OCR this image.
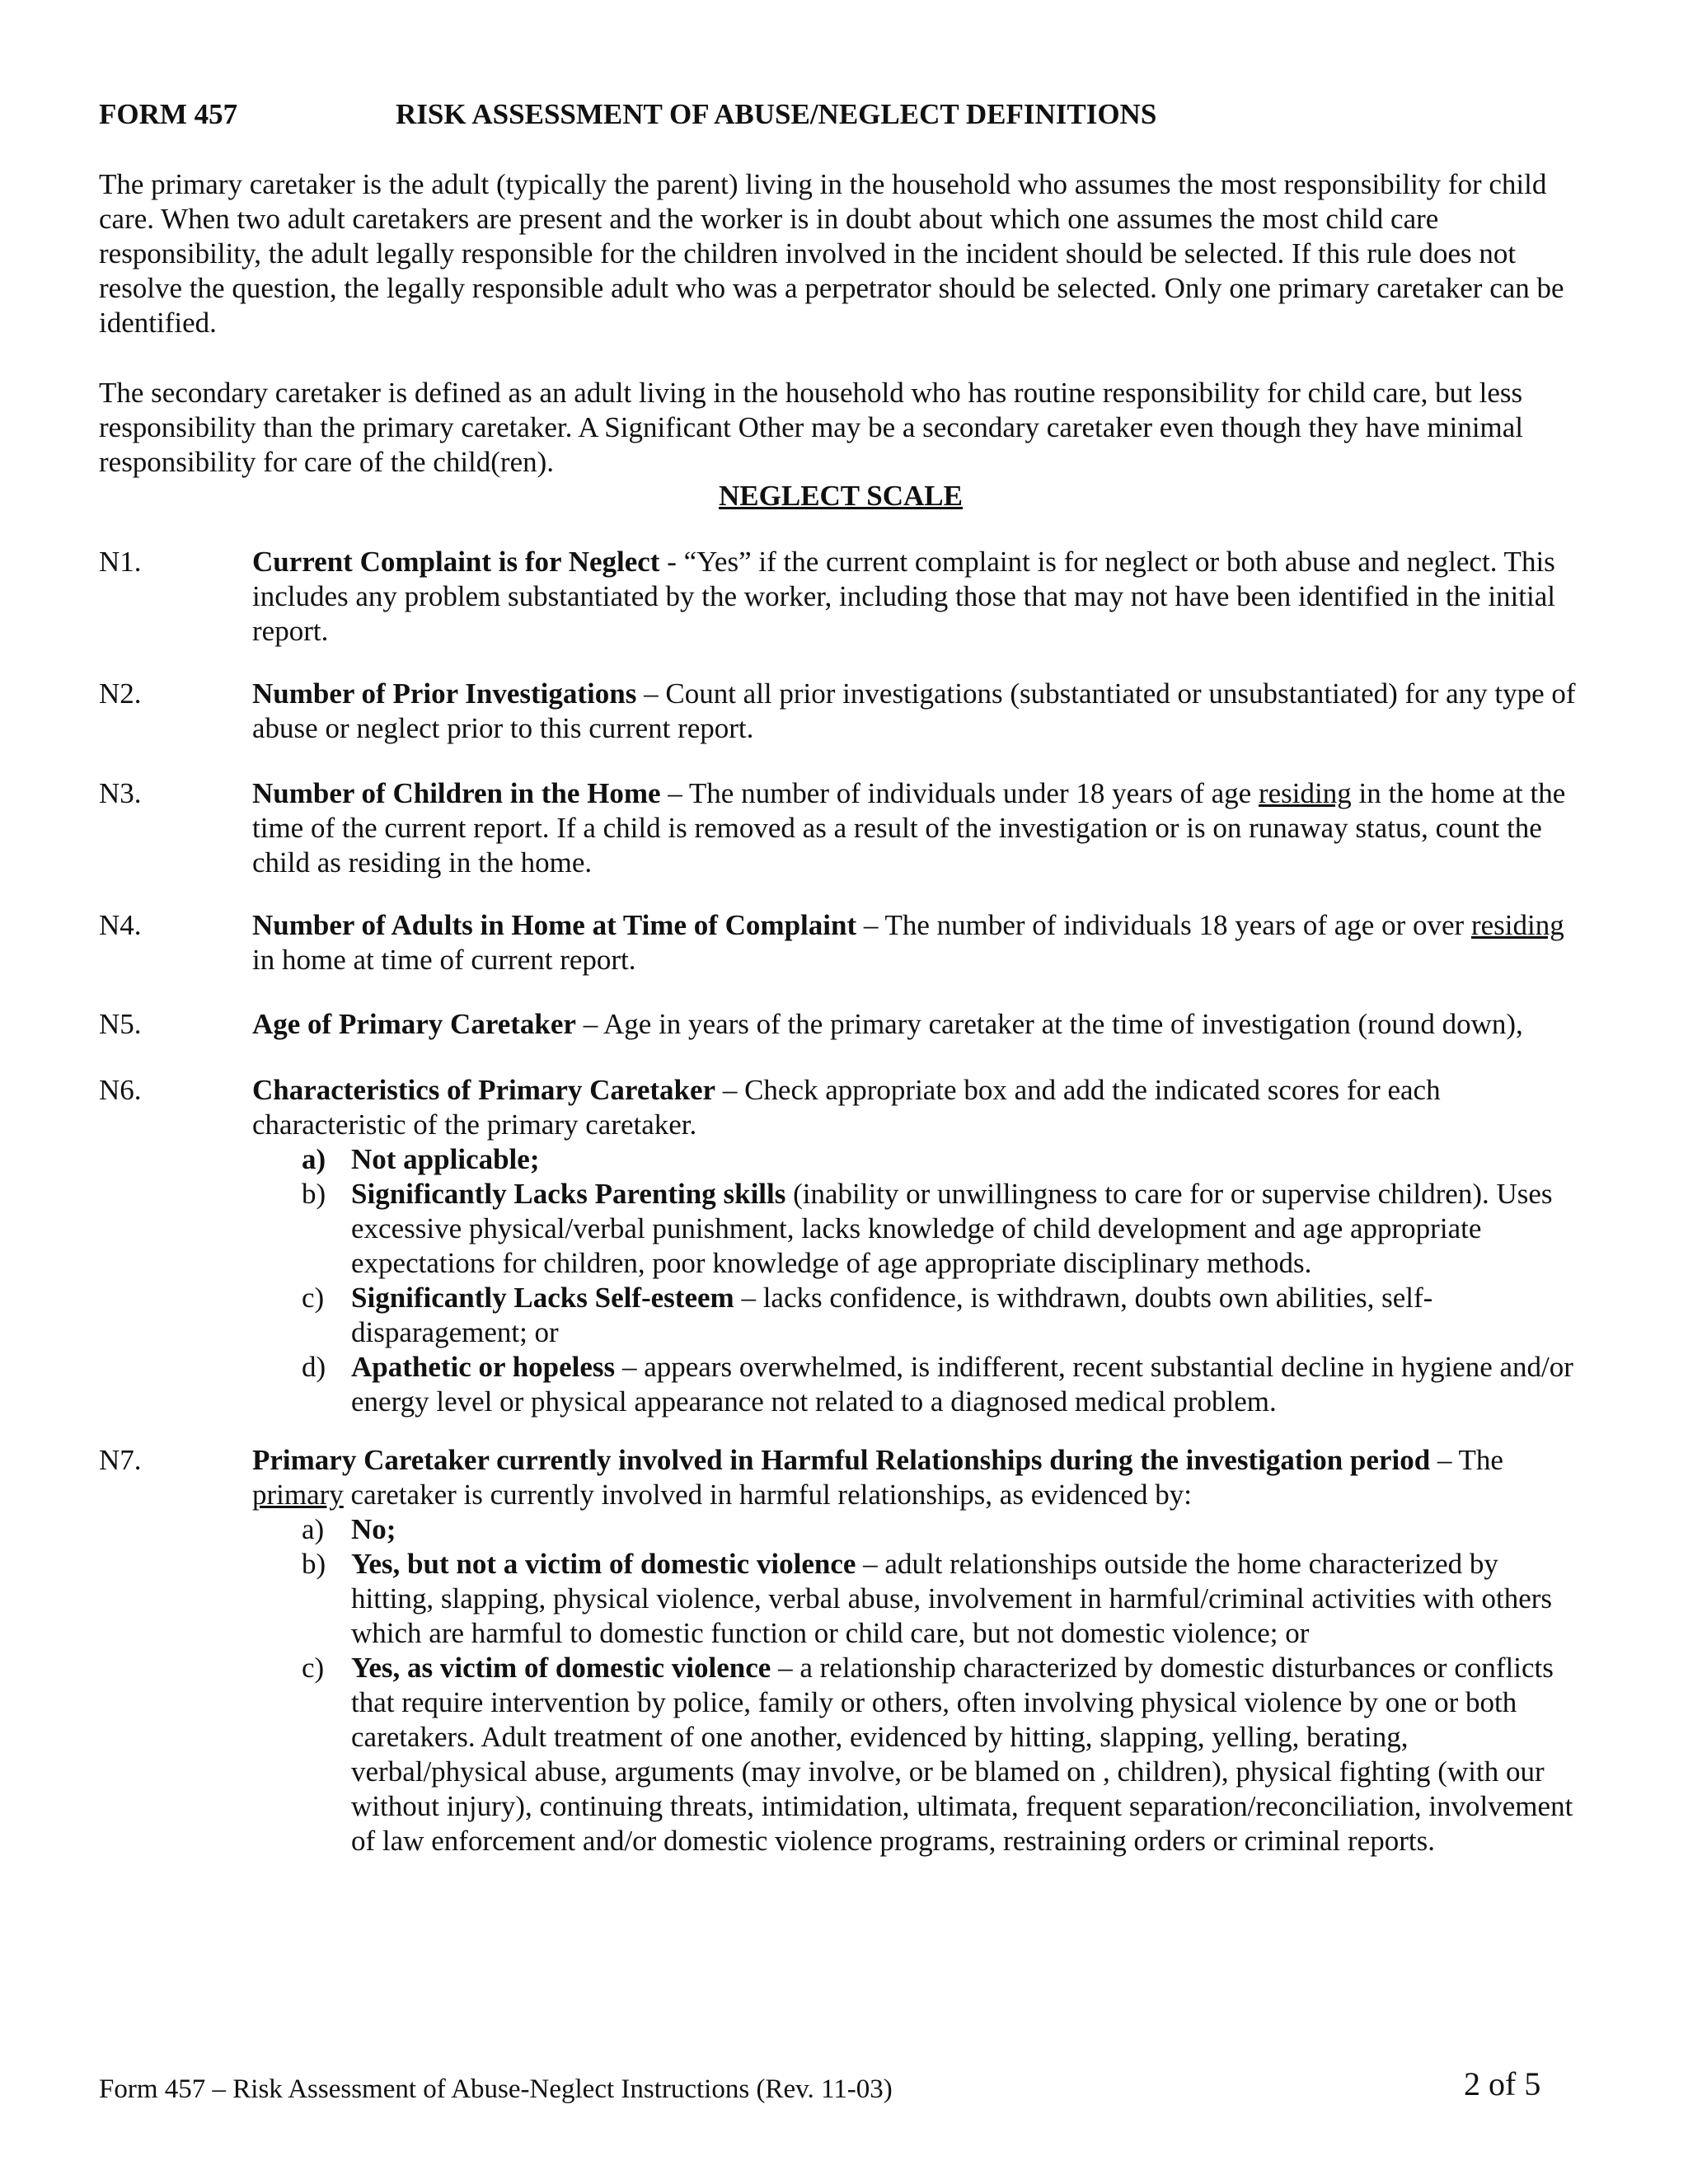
FORM 457	RISK ASSESSMENT OF ABUSE/NEGLECT DEFINITIONS

The primary caretaker is the adult (typically the parent) living in the household who assumes the most responsibility for child care. When two adult caretakers are present and the worker is in doubt about which one assumes the most child care responsibility, the adult legally responsible for the children involved in the incident should be selected. If this rule does not resolve the question, the legally responsible adult who was a perpetrator should be selected. Only one primary caretaker can be identified.

The secondary caretaker is defined as an adult living in the household who has routine responsibility for child care, but less responsibility than the primary caretaker. A Significant Other may be a secondary caretaker even though they have minimal responsibility for care of the child(ren).

NEGLECT SCALE
N1.	Current Complaint is for Neglect - “Yes” if the current complaint is for neglect or both abuse and neglect. This includes any problem substantiated by the worker, including those that may not have been identified in the initial report.

N2.	Number of Prior Investigations – Count all prior investigations (substantiated or unsubstantiated) for any type of abuse or neglect prior to this current report.

N3.	Number of Children in the Home – The number of individuals under 18 years of age residing in the home at the time of the current report. If a child is removed as a result of the investigation or is on runaway status, count the child as residing in the home.

N4.	Number of Adults in Home at Time of Complaint – The number of individuals 18 years of age or over residing in home at time of current report.

N5.	Age of Primary Caretaker – Age in years of the primary caretaker at the time of investigation (round down),

N6.	Characteristics of Primary Caretaker – Check appropriate box and add the indicated scores for each characteristic of the primary caretaker.

a) Not applicable;
b) Significantly Lacks Parenting skills (inability or unwillingness to care for or supervise children). Uses excessive physical/verbal punishment, lacks knowledge of child development and age appropriate expectations for children, poor knowledge of age appropriate disciplinary methods.
c) Significantly Lacks Self-esteem – lacks confidence, is withdrawn, doubts own abilities, self-disparagement; or
d) Apathetic or hopeless – appears overwhelmed, is indifferent, recent substantial decline in hygiene and/or energy level or physical appearance not related to a diagnosed medical problem.
N7.	Primary Caretaker currently involved in Harmful Relationships during the investigation period – The primary caretaker is currently involved in harmful relationships, as evidenced by:

a) No;
b) Yes, but not a victim of domestic violence – adult relationships outside the home characterized by hitting, slapping, physical violence, verbal abuse, involvement in harmful/criminal activities with others which are harmful to domestic function or child care, but not domestic violence; or
c) Yes, as victim of domestic violence – a relationship characterized by domestic disturbances or conflicts that require intervention by police, family or others, often involving physical violence by one or both caretakers. Adult treatment of one another, evidenced by hitting, slapping, yelling, berating, verbal/physical abuse, arguments (may involve, or be blamed on , children), physical fighting (with our without injury), continuing threats, intimidation, ultimata, frequent separation/reconciliation, involvement of law enforcement and/or domestic violence programs, restraining orders or criminal reports.
Form 457 – Risk Assessment of Abuse-Neglect Instructions (Rev. 11-03)	2 of 5
